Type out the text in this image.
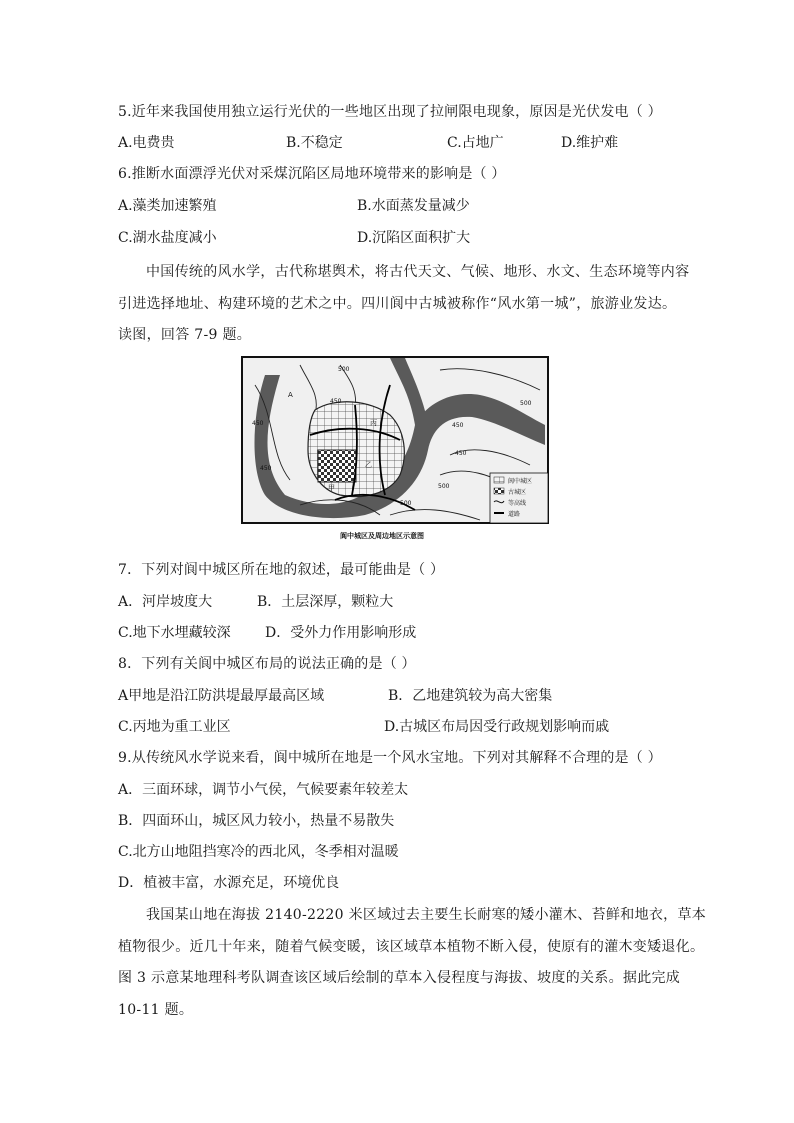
5.近年来我国使用独立运行光伏的一些地区出现了拉闸限电现象，原因是光伏发电（ ）
A.电费贵	B.不稳定	C.占地广	D.维护难
6.推断水面漂浮光伏对采煤沉陷区局地环境带来的影响是（ ）
A.藻类加速繁殖	B.水面蒸发量减少
C.湖水盐度减小	D.沉陷区面积扩大
中国传统的风水学，古代称堪舆术，将古代天文、气候、地形、水文、生态环境等内容
引进选择地址、构建环境的艺术之中。四川阆中古城被称作“风水第一城”，旅游业发达。
读图，回答 7-9 题。
500
450
450
450
500
450
450
500
500
丙
乙
甲
A
阆中城区
古城区
等高线
道路
阆中城区及周边地区示意图
7．下列对阆中城区所在地的叙述，最可能曲是（ ）
A．河岸坡度大	B．土层深厚，颗粒大
C.地下水埋藏较深 D．受外力作用影响形成
8．下列有关阆中城区布局的说法正确的是（ ）
A甲地是沿江防洪堤最厚最高区域	B．乙地建筑较为高大密集
C.丙地为重工业区	D.古城区布局因受行政规划影响而戚
9.从传统风水学说来看，阆中城所在地是一个风水宝地。下列对其解释不合理的是（ ）
A．三面环球，调节小气侯，气候要素年较差太
B．四面环山，城区风力较小，热量不易散失
C.北方山地阻挡寒冷的西北风，冬季相对温暖
D．植被丰富，水源充足，环境优良
我国某山地在海拔 2140-2220 米区域过去主要生长耐寒的矮小灌木、苔鲜和地衣，草本
植物很少。近几十年来，随着气候变暖，该区域草本植物不断入侵，使原有的灌木变矮退化。
图 3 示意某地理科考队调查该区域后绘制的草本入侵程度与海拔、坡度的关系。据此完成
10-11 题。
